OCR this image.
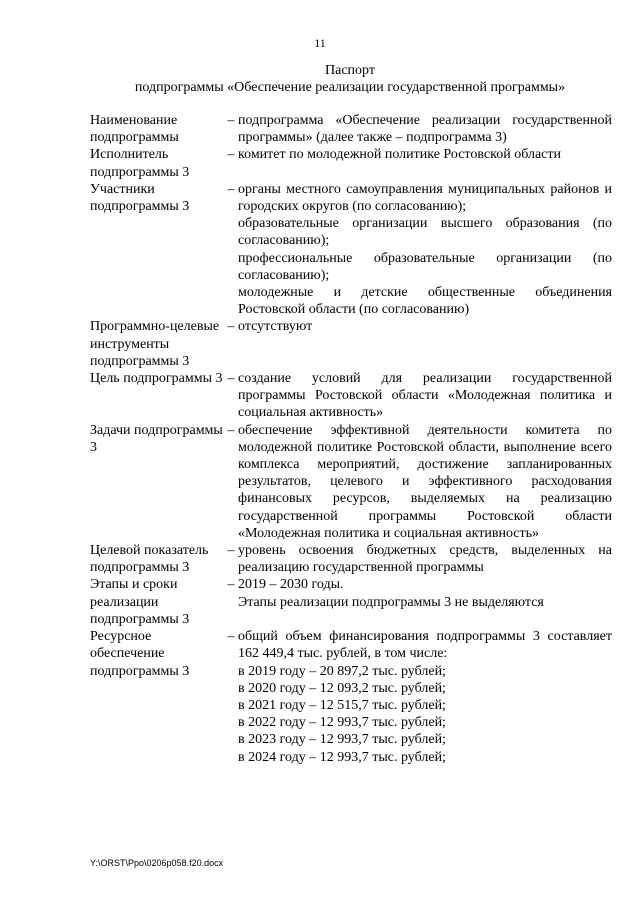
11
Паспорт
подпрограммы «Обеспечение реализации государственной программы»
Наименование подпрограммы
– подпрограмма «Обеспечение реализации государственной программы» (далее также – подпрограмма 3)

Исполнитель подпрограммы 3
– комитет по молодежной политике Ростовской области

Участники подпрограммы 3
– органы местного самоуправления муниципальных районов и городских округов (по согласованию);

образовательные организации высшего образования (по согласованию);

профессиональные образовательные организации (по согласованию);

молодежные и детские общественные объединения Ростовской области (по согласованию)

Программно-целевые инструменты подпрограммы 3
– отсутствуют

Цель подпрограммы 3 – создание условий для реализации государственной программы Ростовской области «Молодежная политика и социальная активность»

Задачи подпрограммы 3
– обеспечение эффективной деятельности комитета по молодежной политике Ростовской области, выполнение всего комплекса мероприятий, достижение запланированных результатов, целевого и эффективного расходования финансовых ресурсов, выделяемых на реализацию государственной программы Ростовской области «Молодежная политика и социальная активность»

Целевой показатель подпрограммы 3
– уровень освоения бюджетных средств, выделенных на реализацию государственной программы

Этапы и сроки реализации подпрограммы 3
– 2019 – 2030 годы.

Этапы реализации подпрограммы 3 не выделяются

Ресурсное обеспечение подпрограммы 3
– общий объем финансирования подпрограммы 3 составляет 162 449,4 тыс. рублей, в том числе:

в 2019 году – 20 897,2 тыс. рублей;

в 2020 году – 12 093,2 тыс. рублей;

в 2021 году – 12 515,7 тыс. рублей;

в 2022 году – 12 993,7 тыс. рублей;

в 2023 году – 12 993,7 тыс. рублей;

в 2024 году – 12 993,7 тыс. рублей;

Y:\ORST\Ppo\0206p058.f20.docx
